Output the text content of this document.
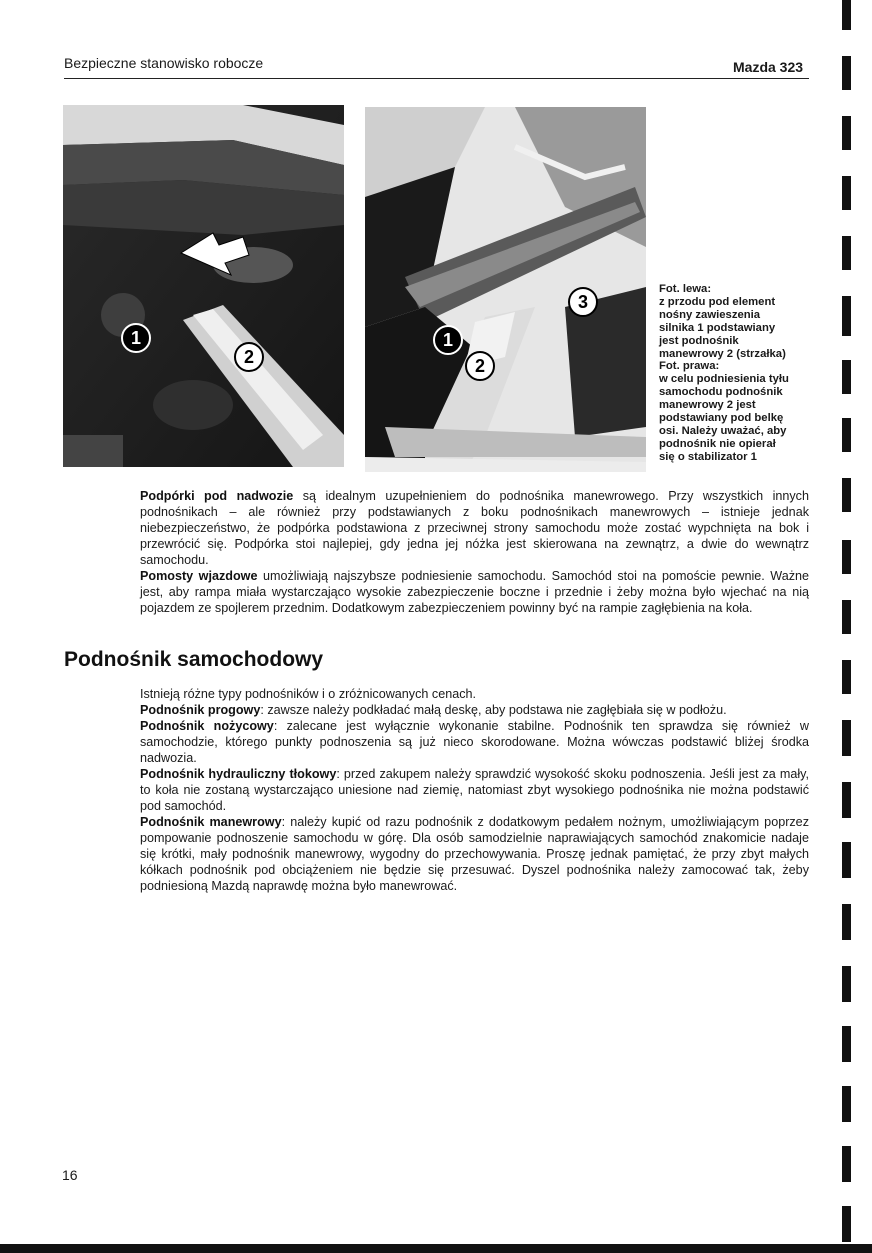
Bezpieczne stanowisko robocze	Mazda 323
1
2
3
1
2

Fot. lewa:

z przodu pod element

nośny zawieszenia

silnika 1 podstawiany

jest podnośnik

manewrowy 2 (strzałka)

Fot. prawa:

w celu podniesienia tyłu

samochodu podnośnik

manewrowy 2 jest

podstawiany pod belkę

osi. Należy uważać, aby

podnośnik nie opierał

się o stabilizator 1

Podpórki pod nadwozie są idealnym uzupełnieniem do podnośnika manewrowego. Przy wszystkich innych podnośnikach – ale również przy podstawianych z boku podnośnikach manewrowych – istnieje jednak niebezpieczeństwo, że podpórka podstawiona z przeciwnej strony samochodu może zostać wypchnięta na bok i przewrócić się. Podpórka stoi najlepiej, gdy jedna jej nóżka jest skierowana na zewnątrz, a dwie do wewnątrz samochodu.

Pomosty wjazdowe umożliwiają najszybsze podniesienie samochodu. Samochód stoi na pomoście pewnie. Ważne jest, aby rampa miała wystarczająco wysokie zabezpieczenie boczne i przednie i żeby można było wjechać na nią pojazdem ze spojlerem przednim. Dodatkowym zabezpieczeniem powinny być na rampie zagłębienia na koła.

Podnośnik samochodowy

Istnieją różne typy podnośników i o zróżnicowanych cenach.

Podnośnik progowy: zawsze należy podkładać małą deskę, aby podstawa nie zagłębiała się w podłożu.

Podnośnik nożycowy: zalecane jest wyłącznie wykonanie stabilne. Podnośnik ten sprawdza się również w samochodzie, którego punkty podnoszenia są już nieco skorodowane. Można wówczas podstawić bliżej środka nadwozia.

Podnośnik hydrauliczny tłokowy: przed zakupem należy sprawdzić wysokość skoku podnoszenia. Jeśli jest za mały, to koła nie zostaną wystarczająco uniesione nad ziemię, natomiast zbyt wysokiego podnośnika nie można podstawić pod samochód.

Podnośnik manewrowy: należy kupić od razu podnośnik z dodatkowym pedałem nożnym, umożliwiającym poprzez pompowanie podnoszenie samochodu w górę. Dla osób samodzielnie naprawiających samochód znakomicie nadaje się krótki, mały podnośnik manewrowy, wygodny do przechowywania. Proszę jednak pamiętać, że przy zbyt małych kółkach podnośnik pod obciążeniem nie będzie się przesuwać. Dyszel podnośnika należy zamocować tak, żeby podniesioną Mazdą naprawdę można było manewrować.

16
